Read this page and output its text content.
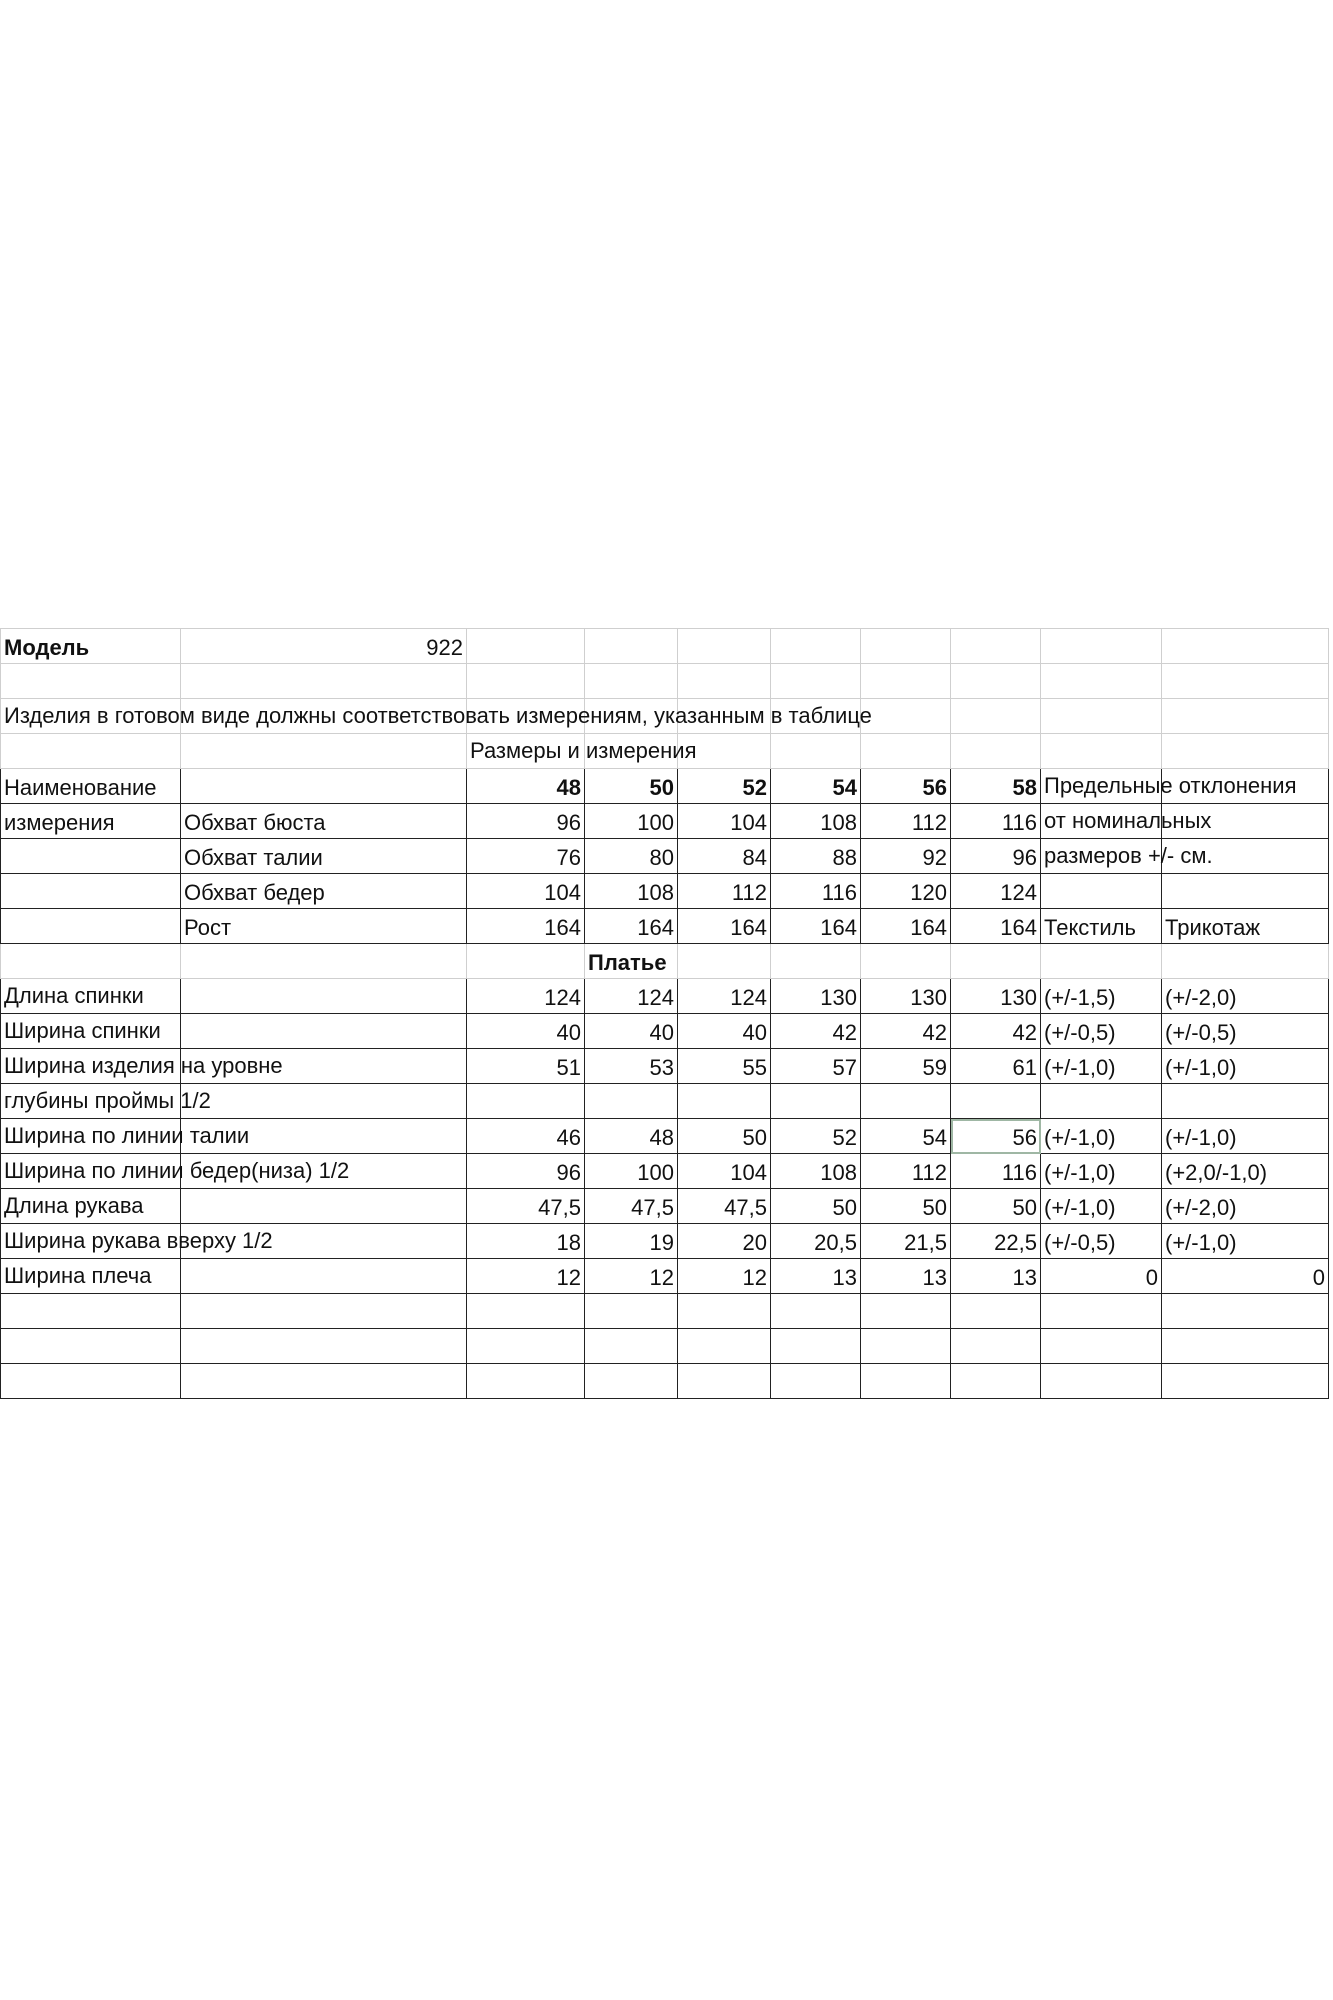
Модель	922								

Изделия в готовом виде должны соответствовать измерениям, указанным в таблице									

		Размеры и измерения							

Наименование		48	50	52	54	56	58	Предельные отклонения	

измерения	Обхват бюста	96	100	104	108	112	116	от номинальных	

	Обхват талии	76	80	84	88	92	96	размеров +/- см.	

	Обхват бедер	104	108	112	116	120	124		
	Рост	164	164	164	164	164	164	Текстиль	Трикотаж
			Платье						

Длина спинки		124	124	124	130	130	130	(+/-1,5)	(+/-2,0)

Ширина спинки		40	40	40	42	42	42	(+/-0,5)	(+/-0,5)

Ширина изделия на уровне		51	53	55	57	59	61	(+/-1,0)	(+/-1,0)

глубины проймы 1/2									

Ширина по линии талии		46	48	50	52	54	56	(+/-1,0)	(+/-1,0)

Ширина по линии бедер(низа) 1/2		96	100	104	108	112	116	(+/-1,0)	(+2,0/-1,0)

Длина рукава		47,5	47,5	47,5	50	50	50	(+/-1,0)	(+/-2,0)

Ширина рукава вверху 1/2		18	19	20	20,5	21,5	22,5	(+/-0,5)	(+/-1,0)

Ширина плеча		12	12	12	13	13	13	0	0
